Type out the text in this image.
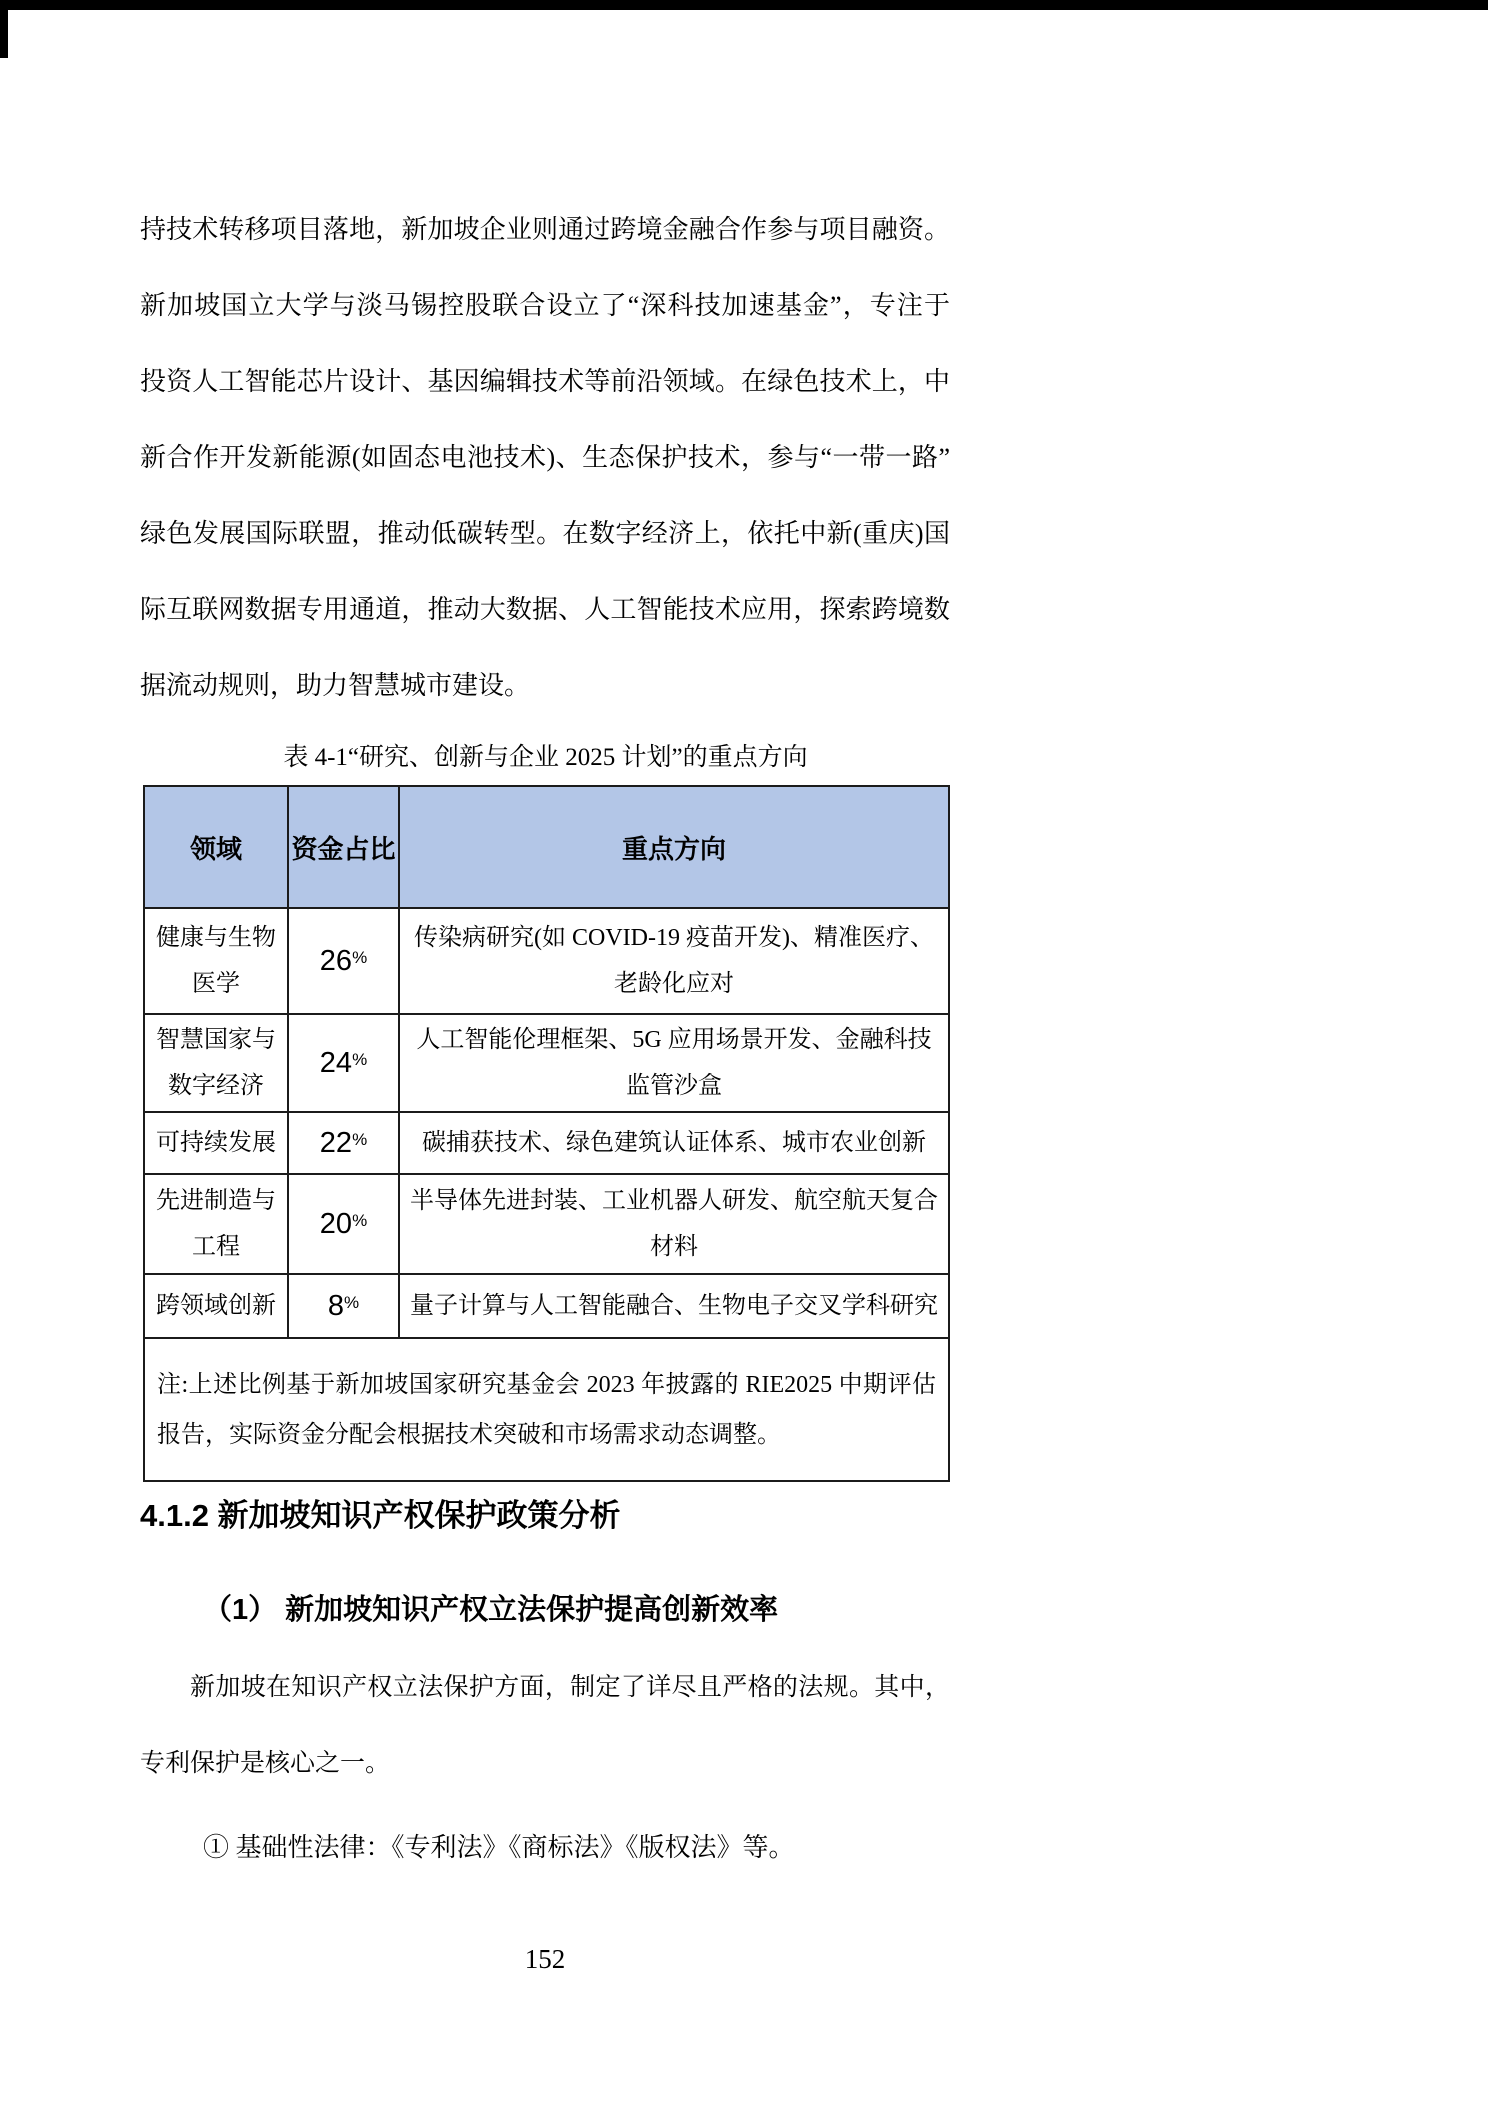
持技术转移项目落地，新加坡企业则通过跨境金融合作参与项目融资。
新加坡国立大学与淡马锡控股联合设立了“深科技加速基金”，专注于
投资人工智能芯片设计、基因编辑技术等前沿领域。在绿色技术上，中
新合作开发新能源(如固态电池技术)、生态保护技术，参与“一带一路”
绿色发展国际联盟，推动低碳转型。在数字经济上，依托中新(重庆)国
际互联网数据专用通道，推动大数据、人工智能技术应用，探索跨境数
据流动规则，助力智慧城市建设。
表 4-1“研究、创新与企业 2025 计划”的重点方向
领域	资金占比	重点方向
健康与生物医学	26%	传染病研究(如 COVID-19 疫苗开发)、精准医疗、老龄化应对
智慧国家与数字经济	24%	人工智能伦理框架、5G 应用场景开发、金融科技监管沙盒
可持续发展	22%	碳捕获技术、绿色建筑认证体系、城市农业创新
先进制造与工程	20%	半导体先进封装、工业机器人研发、航空航天复合材料
跨领域创新	8%	量子计算与人工智能融合、生物电子交叉学科研究
注:上述比例基于新加坡国家研究基金会 2023 年披露的 RIE2025 中期评估报告，实际资金分配会根据技术突破和市场需求动态调整。		
4.1.2 新加坡知识产权保护政策分析
（1） 新加坡知识产权立法保护提高创新效率
新加坡在知识产权立法保护方面，制定了详尽且严格的法规。其中，专利保护是核心之一。
① 基础性法律：《专利法》《商标法》《版权法》等。
152
